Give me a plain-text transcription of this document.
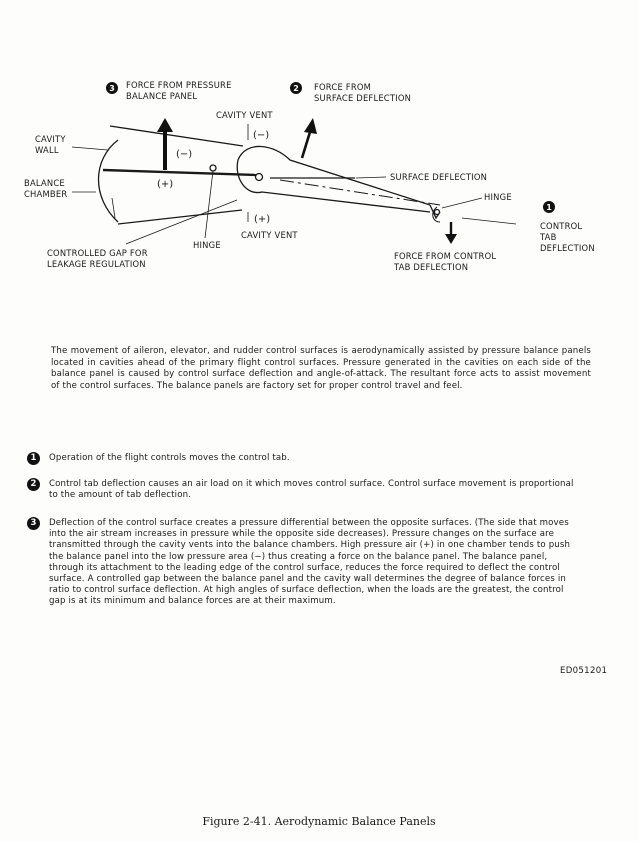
3	2
1
FORCE FROM PRESSURE
BALANCE PANEL
FORCE FROM
SURFACE DEFLECTION
CAVITY VENT
(−)
(−)
(+)
(+)
CAVITY
WALL
BALANCE
CHAMBER
SURFACE DEFLECTION
HINGE
CONTROL
TAB
DEFLECTION
CAVITY VENT
HINGE
CONTROLLED GAP FOR
LEAKAGE REGULATION
FORCE FROM CONTROL
TAB DEFLECTION
The movement of aileron, elevator, and rudder control surfaces is aerodynamically assisted by pressure balance panels located in cavities ahead of the primary flight control surfaces. Pressure generated in the cavities on each side of the balance panel is caused by control surface deflection and angle-of-attack. The resultant force acts to assist movement of the control surfaces. The balance panels are factory set for proper control travel and feel.
1	Operation of the flight controls moves the control tab.
2	Control tab deflection causes an air load on it which moves control surface. Control surface movement is proportional to the amount of tab deflection.
3	Deflection of the control surface creates a pressure differential between the opposite surfaces. (The side that moves into the air stream increases in pressure while the opposite side decreases). Pressure changes on the surface are transmitted through the cavity vents into the balance chambers. High pressure air (+) in one chamber tends to push the balance panel into the low pressure area (−) thus creating a force on the balance panel. The balance panel, through its attachment to the leading edge of the control surface, reduces the force required to deflect the control surface. A controlled gap between the balance panel and the cavity wall determines the degree of balance forces in ratio to control surface deflection. At high angles of surface deflection, when the loads are the greatest, the control gap is at its minimum and balance forces are at their maximum.
ED051201
Figure 2-41. Aerodynamic Balance Panels
